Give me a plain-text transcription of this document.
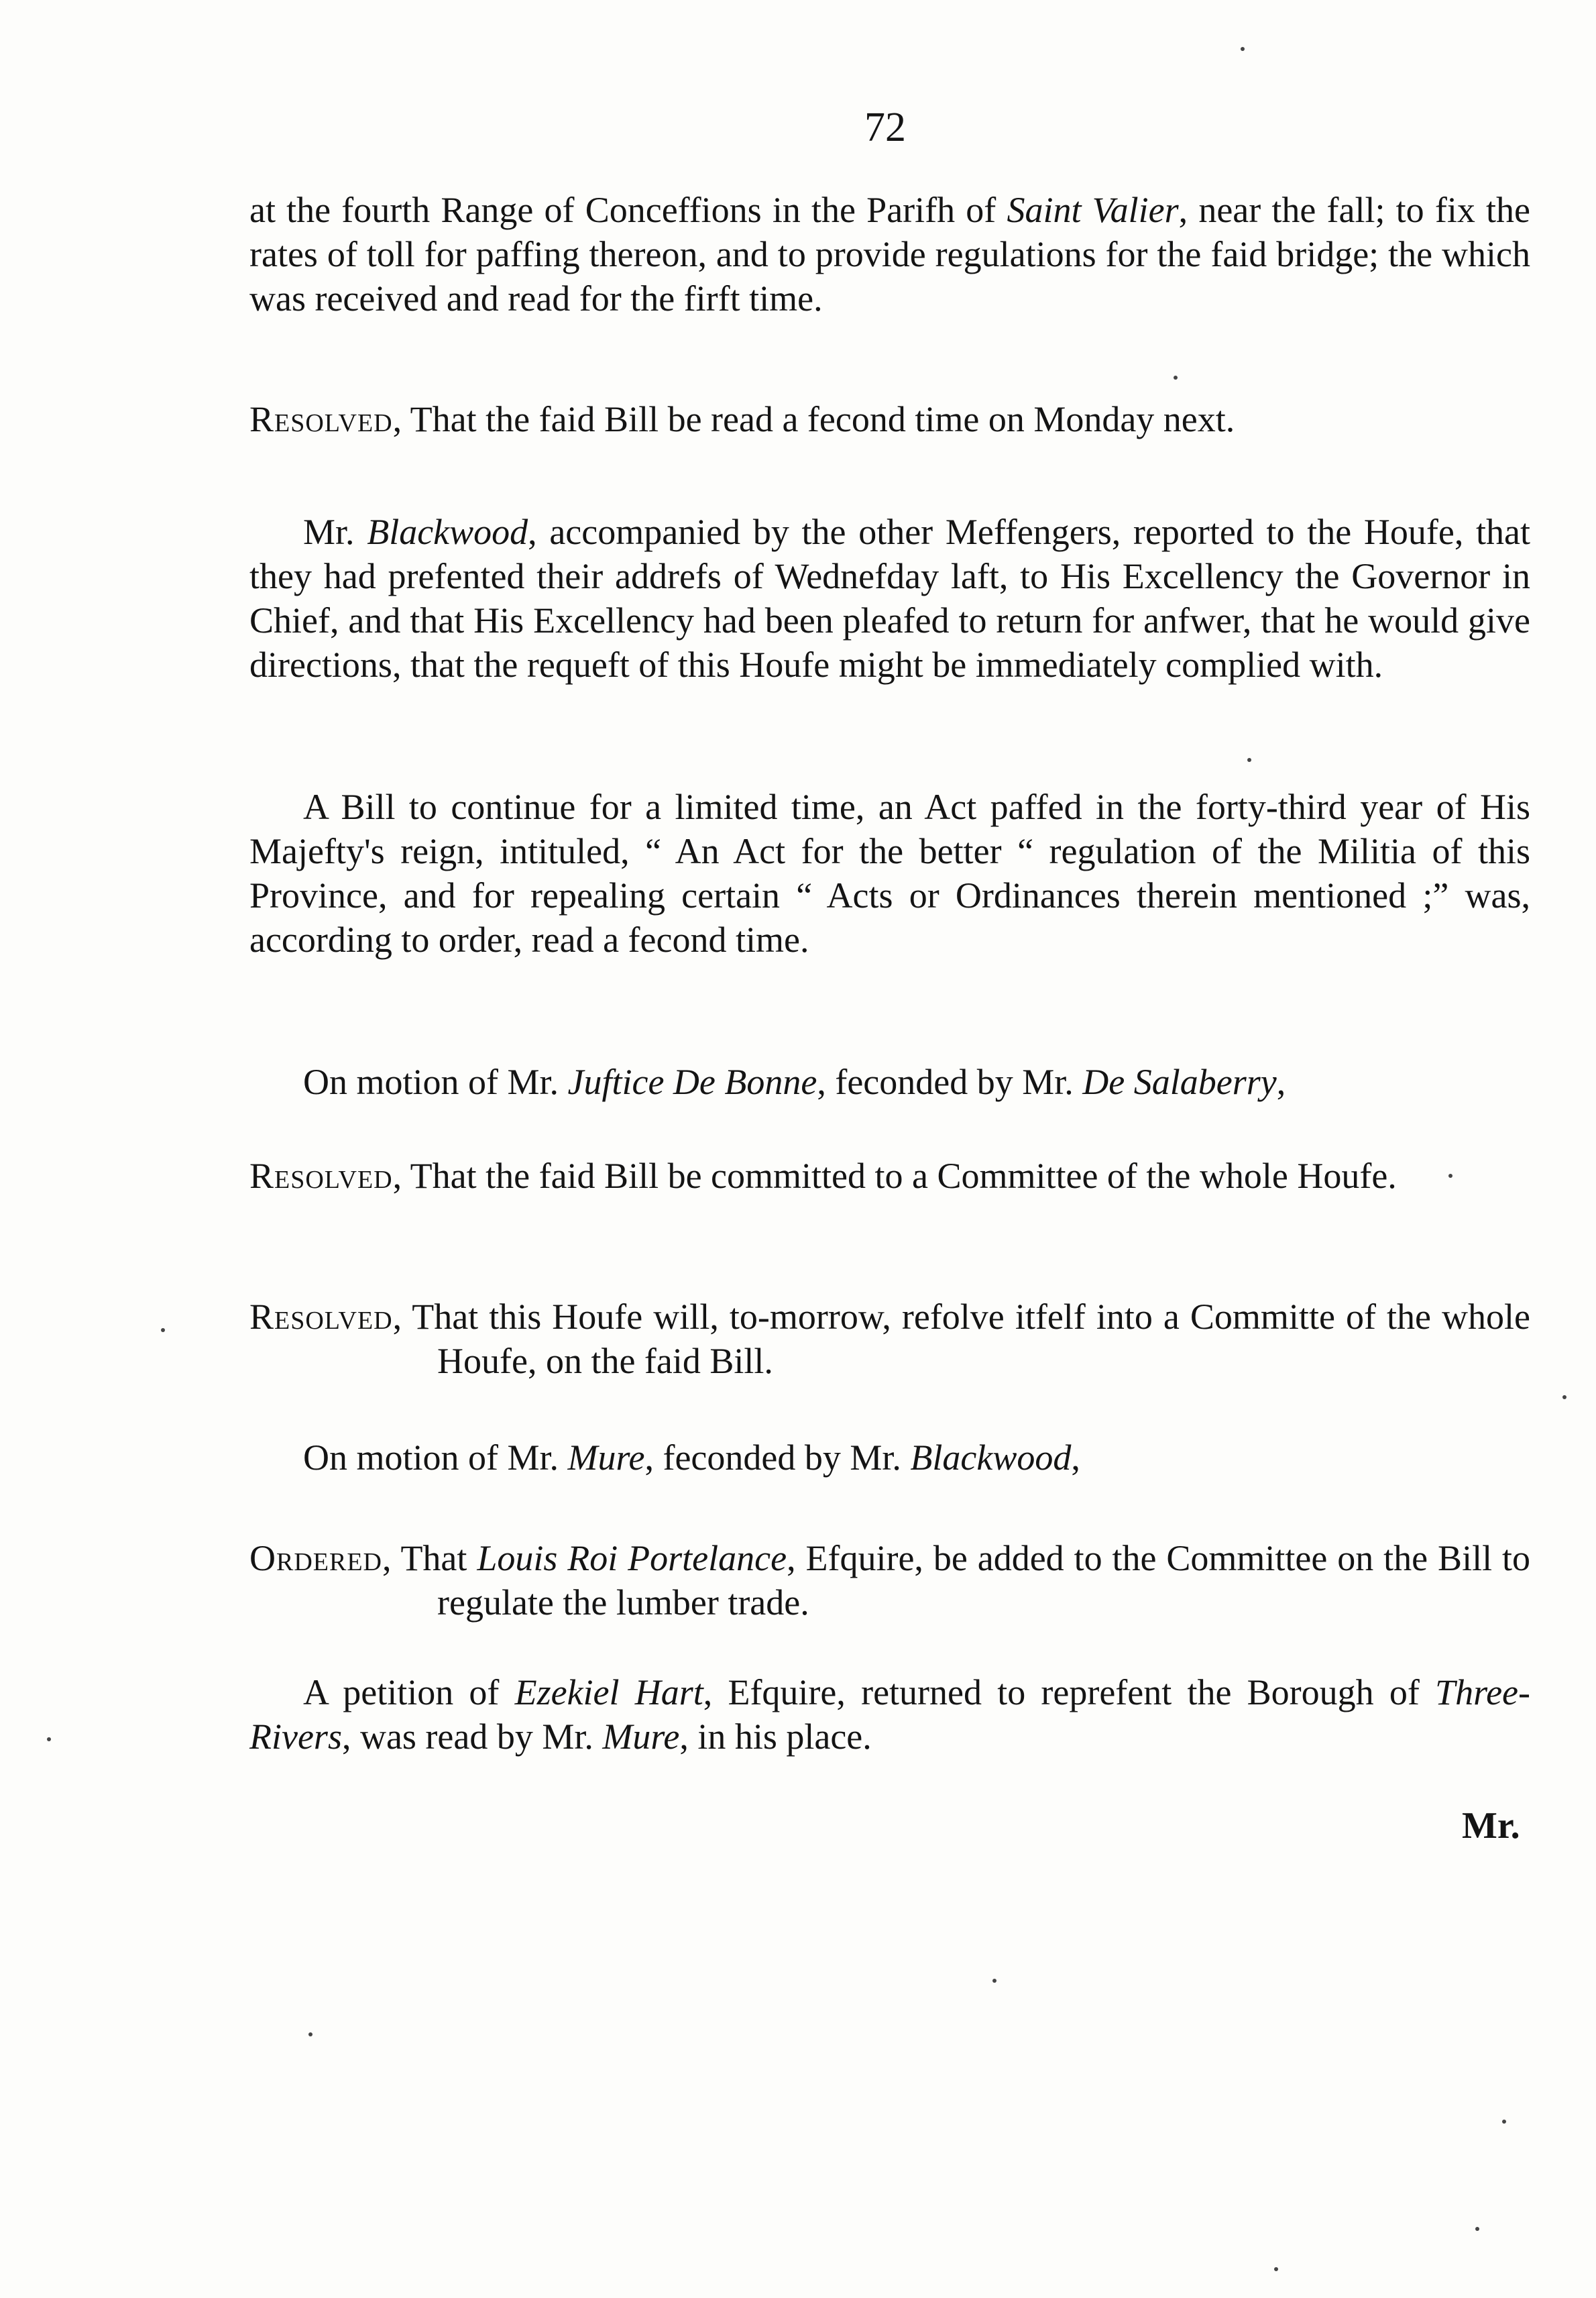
72

at the fourth Range of Conceffions in the Parifh of Saint Valier, near the fall; to fix the rates of toll for paffing thereon, and to provide regulations for the faid bridge; the which was received and read for the firft time.

Resolved, That the faid Bill be read a fecond time on Monday next.

Mr. Blackwood, accompanied by the other Meffengers, reported to the Houfe, that they had prefented their addrefs of Wednefday laft, to His Excellency the Governor in Chief, and that His Excellency had been pleafed to return for anfwer, that he would give directions, that the requeft of this Houfe might be immediately complied with.

A Bill to continue for a limited time, an Act paffed in the forty-third year of His Majefty's reign, intituled, “ An Act for the better “ regulation of the Militia of this Province, and for repealing certain “ Acts or Ordinances therein mentioned ;” was, according to order, read a fecond time.

On motion of Mr. Juftice De Bonne, feconded by Mr. De Salaberry,

Resolved, That the faid Bill be committed to a Committee of the whole Houfe.

Resolved, That this Houfe will, to-morrow, refolve itfelf into a Committe of the whole Houfe, on the faid Bill.

On motion of Mr. Mure, feconded by Mr. Blackwood,

Ordered, That Louis Roi Portelance, Efquire, be added to the Committee on the Bill to regulate the lumber trade.

A petition of Ezekiel Hart, Efquire, returned to reprefent the Borough of Three-Rivers, was read by Mr. Mure, in his place.

Mr.
